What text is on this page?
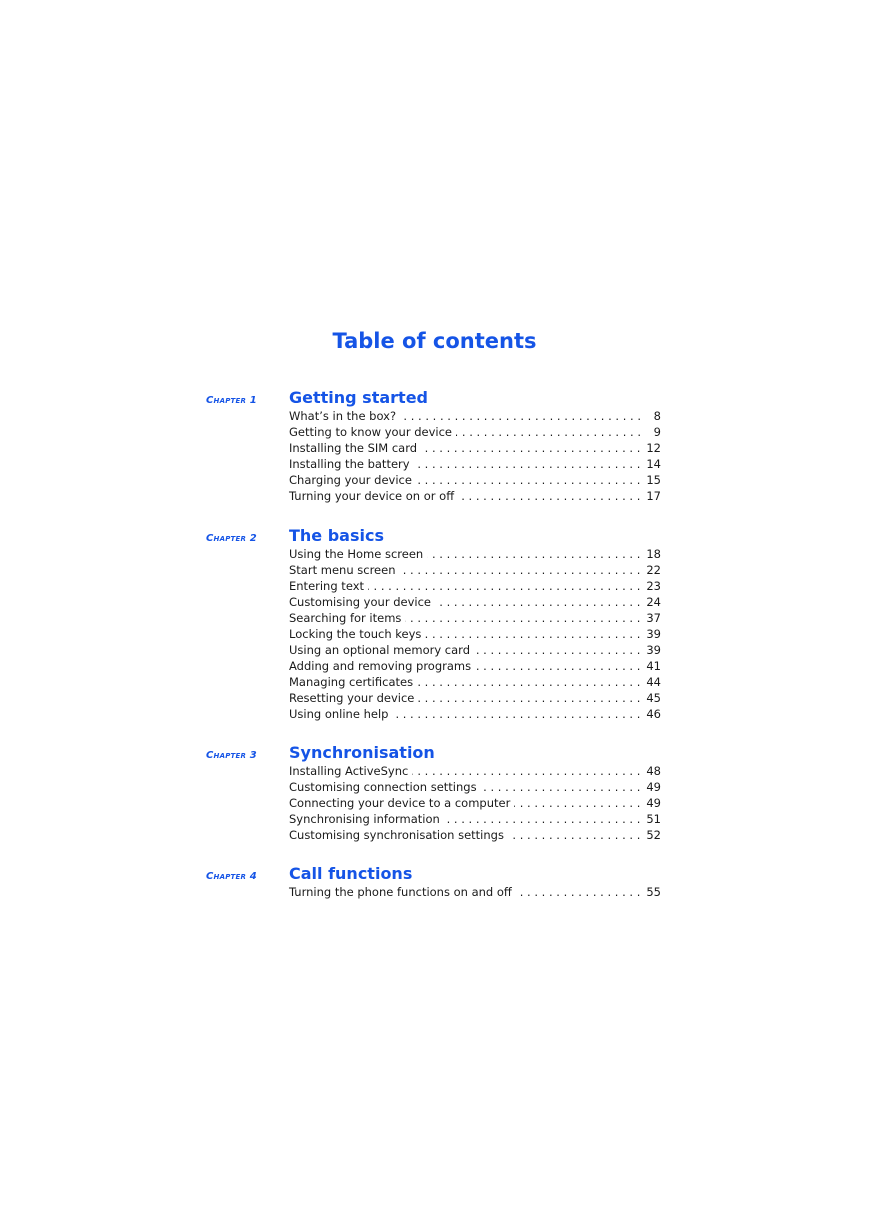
Table of contents
Chapter 1 Getting started
What’s in the box? . . .	8
Getting to know your device . . .	9
Installing the SIM card . . .	12
Installing the battery . . .	14
Charging your device . . .	15
Turning your device on or off . . .	17
Chapter 2 The basics
Using the Home screen . . .	18
Start menu screen . . .	22
Entering text . . .	23
Customising your device . . .	24
Searching for items . . .	37
Locking the touch keys . . .	39
Using an optional memory card . . .	39
Adding and removing programs . . .	41
Managing certificates . . .	44
Resetting your device . . .	45
Using online help . . .	46
Chapter 3 Synchronisation
Installing ActiveSync . . .	48
Customising connection settings . . .	49
Connecting your device to a computer . . .	49
Synchronising information . . .	51
Customising synchronisation settings . . .	52
Chapter 4 Call functions
Turning the phone functions on and off . . .	55
